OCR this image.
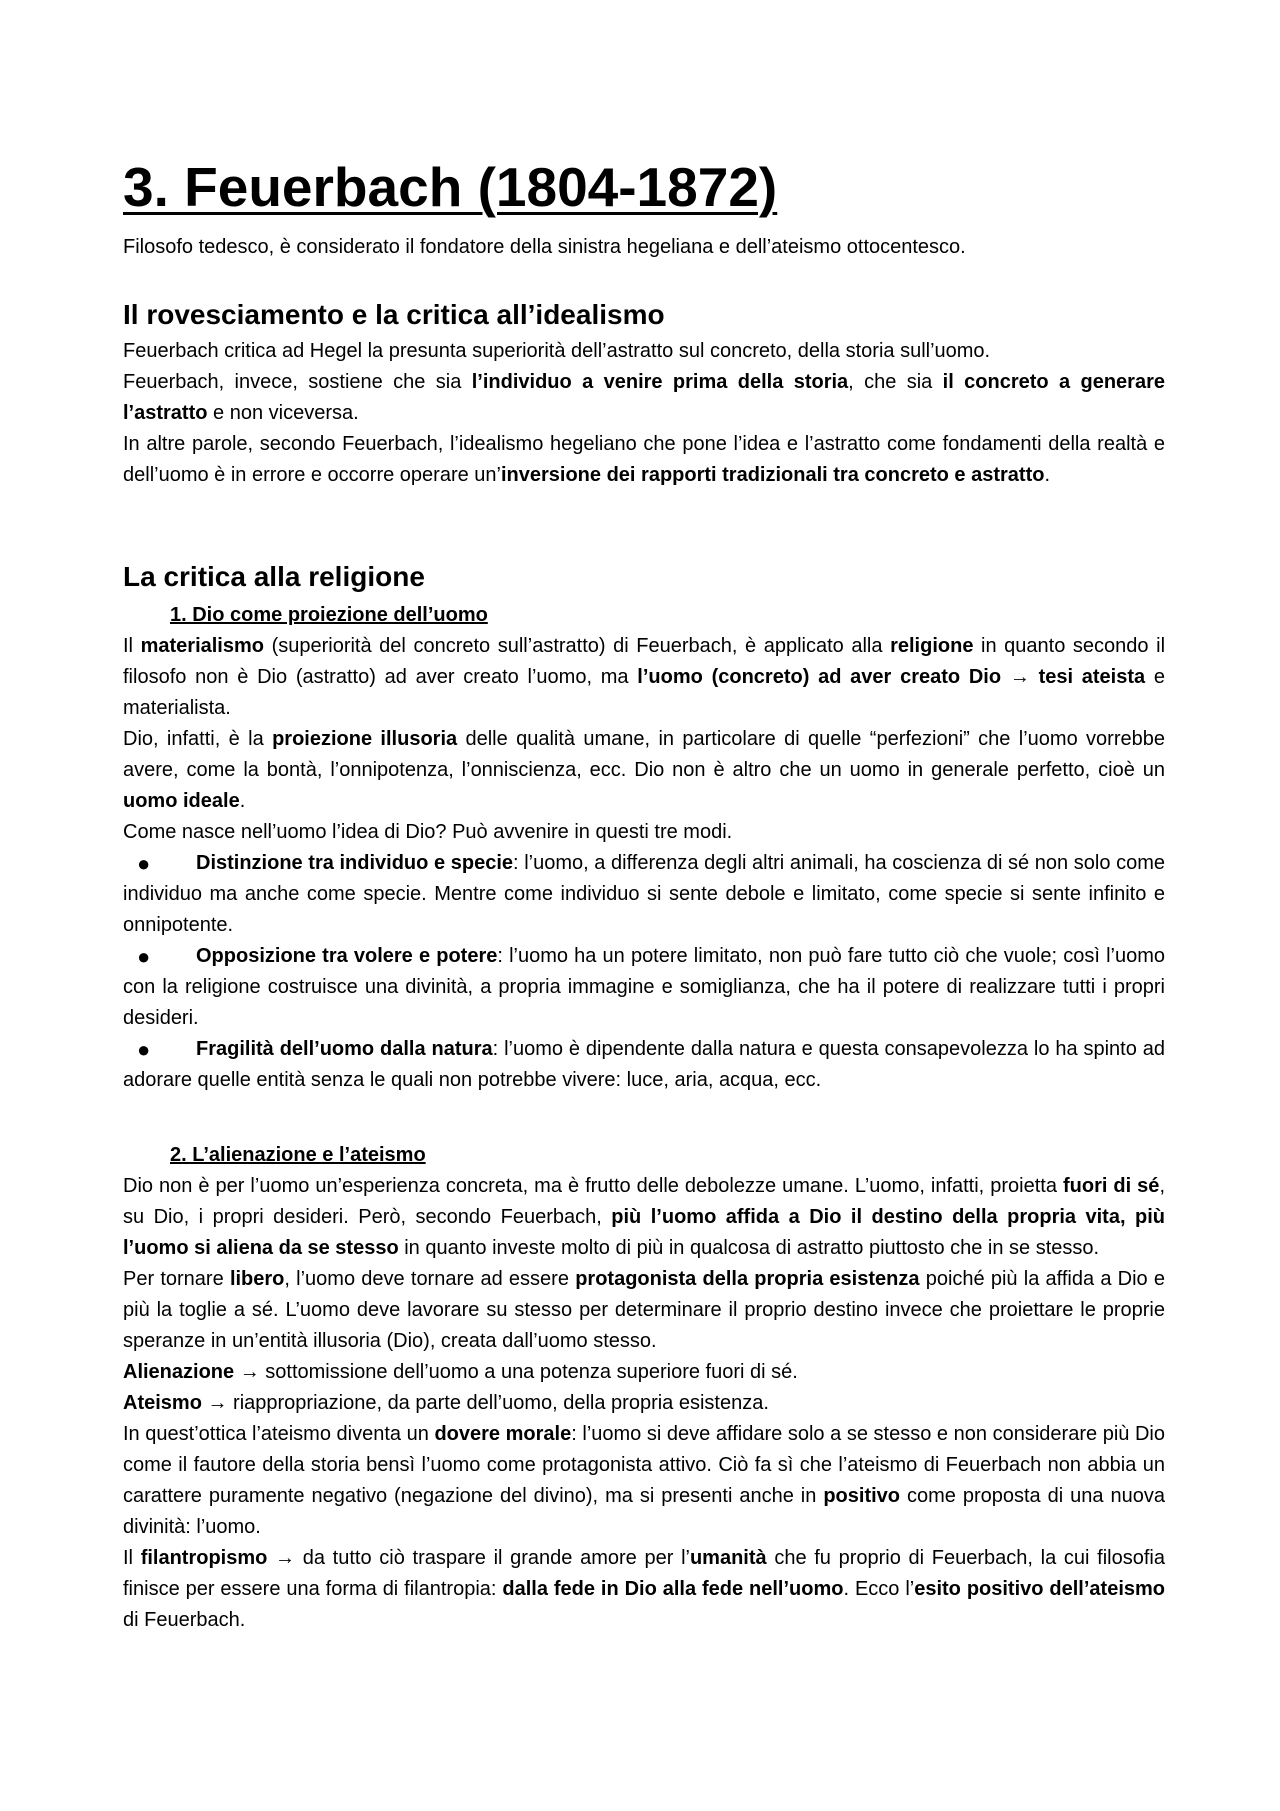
3. Feuerbach (1804-1872)
Filosofo tedesco, è considerato il fondatore della sinistra hegeliana e dell’ateismo ottocentesco.
Il rovesciamento e la critica all’idealismo

Feuerbach critica ad Hegel la presunta superiorità dell’astratto sul concreto, della storia sull’uomo.

Feuerbach, invece, sostiene che sia l’individuo a venire prima della storia, che sia il concreto a generare l’astratto e non viceversa.

In altre parole, secondo Feuerbach, l’idealismo hegeliano che pone l’idea e l’astratto come fondamenti della realtà e dell’uomo è in errore e occorre operare un’inversione dei rapporti tradizionali tra concreto e astratto.

La critica alla religione
1. Dio come proiezione dell’uomo

Il materialismo (superiorità del concreto sull’astratto) di Feuerbach, è applicato alla religione in quanto secondo il filosofo non è Dio (astratto) ad aver creato l’uomo, ma l’uomo (concreto) ad aver creato Dio → tesi ateista e materialista.

Dio, infatti, è la proiezione illusoria delle qualità umane, in particolare di quelle “perfezioni” che l’uomo vorrebbe avere, come la bontà, l’onnipotenza, l’onniscienza, ecc. Dio non è altro che un uomo in generale perfetto, cioè un uomo ideale.

Come nasce nell’uomo l’idea di Dio? Può avvenire in questi tre modi.

● Distinzione tra individuo e specie: l’uomo, a differenza degli altri animali, ha coscienza di sé non solo come individuo ma anche come specie. Mentre come individuo si sente debole e limitato, come specie si sente infinito e onnipotente.

● Opposizione tra volere e potere: l’uomo ha un potere limitato, non può fare tutto ciò che vuole; così l’uomo con la religione costruisce una divinità, a propria immagine e somiglianza, che ha il potere di realizzare tutti i propri desideri.

● Fragilità dell’uomo dalla natura: l’uomo è dipendente dalla natura e questa consapevolezza lo ha spinto ad adorare quelle entità senza le quali non potrebbe vivere: luce, aria, acqua, ecc.

2. L’alienazione e l’ateismo

Dio non è per l’uomo un’esperienza concreta, ma è frutto delle debolezze umane. L’uomo, infatti, proietta fuori di sé, su Dio, i propri desideri. Però, secondo Feuerbach, più l’uomo affida a Dio il destino della propria vita, più l’uomo si aliena da se stesso in quanto investe molto di più in qualcosa di astratto piuttosto che in se stesso.

Per tornare libero, l’uomo deve tornare ad essere protagonista della propria esistenza poiché più la affida a Dio e più la toglie a sé. L’uomo deve lavorare su stesso per determinare il proprio destino invece che proiettare le proprie speranze in un’entità illusoria (Dio), creata dall’uomo stesso.

Alienazione → sottomissione dell’uomo a una potenza superiore fuori di sé.

Ateismo → riappropriazione, da parte dell’uomo, della propria esistenza.

In quest’ottica l’ateismo diventa un dovere morale: l’uomo si deve affidare solo a se stesso e non considerare più Dio come il fautore della storia bensì l’uomo come protagonista attivo. Ciò fa sì che l’ateismo di Feuerbach non abbia un carattere puramente negativo (negazione del divino), ma si presenti anche in positivo come proposta di una nuova divinità: l’uomo.

Il filantropismo → da tutto ciò traspare il grande amore per l’umanità che fu proprio di Feuerbach, la cui filosofia finisce per essere una forma di filantropia: dalla fede in Dio alla fede nell’uomo. Ecco l’esito positivo dell’ateismo di Feuerbach.
